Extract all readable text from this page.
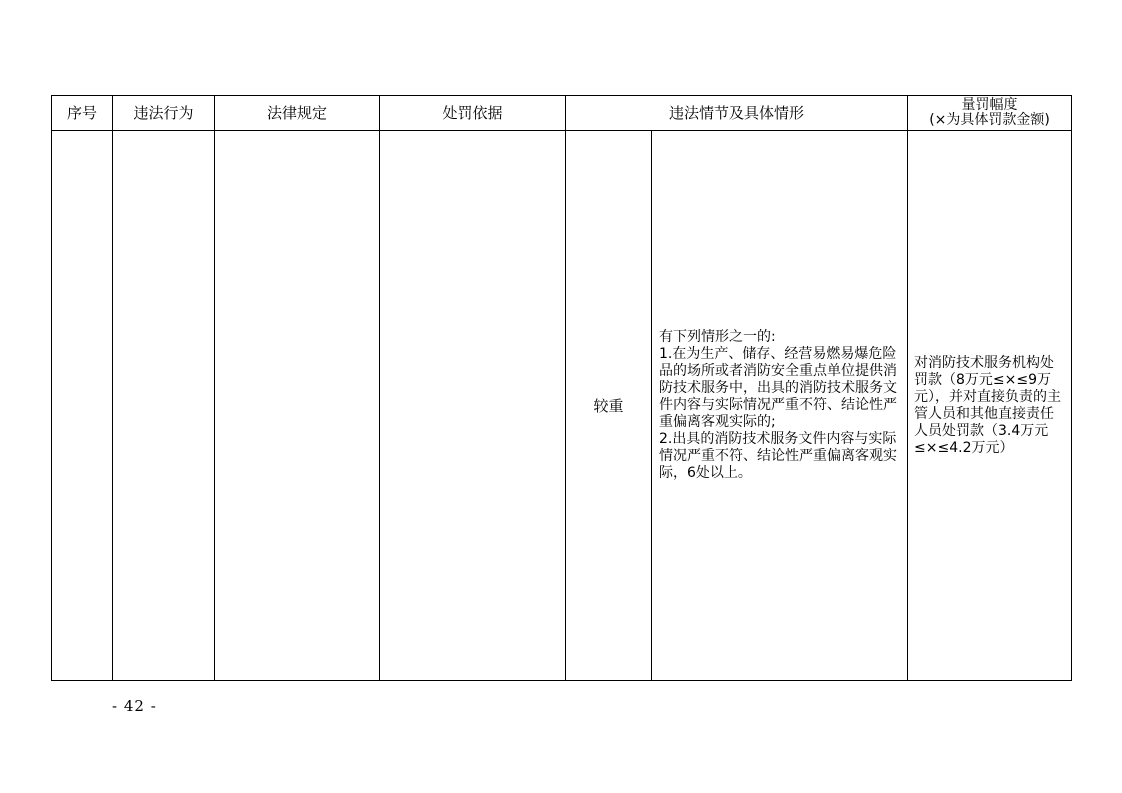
序号	违法行为	法律规定	处罚依据	违法情节及具体情形		量罚幅度
(×为具体罚款金额)

				较重	有下列情形之一的:
1.在为生产、储存、经营易燃易爆危险品的场所或者消防安全重点单位提供消防技术服务中，出具的消防技术服务文件内容与实际情况严重不符、结论性严重偏离客观实际的;
2.出具的消防技术服务文件内容与实际情况严重不符、结论性严重偏离客观实际，6处以上。	对消防技术服务机构处罚款（8万元≤×≤9万元），并对直接负责的主管人员和其他直接责任人员处罚款（3.4万元≤×≤4.2万元）
- 42 -
